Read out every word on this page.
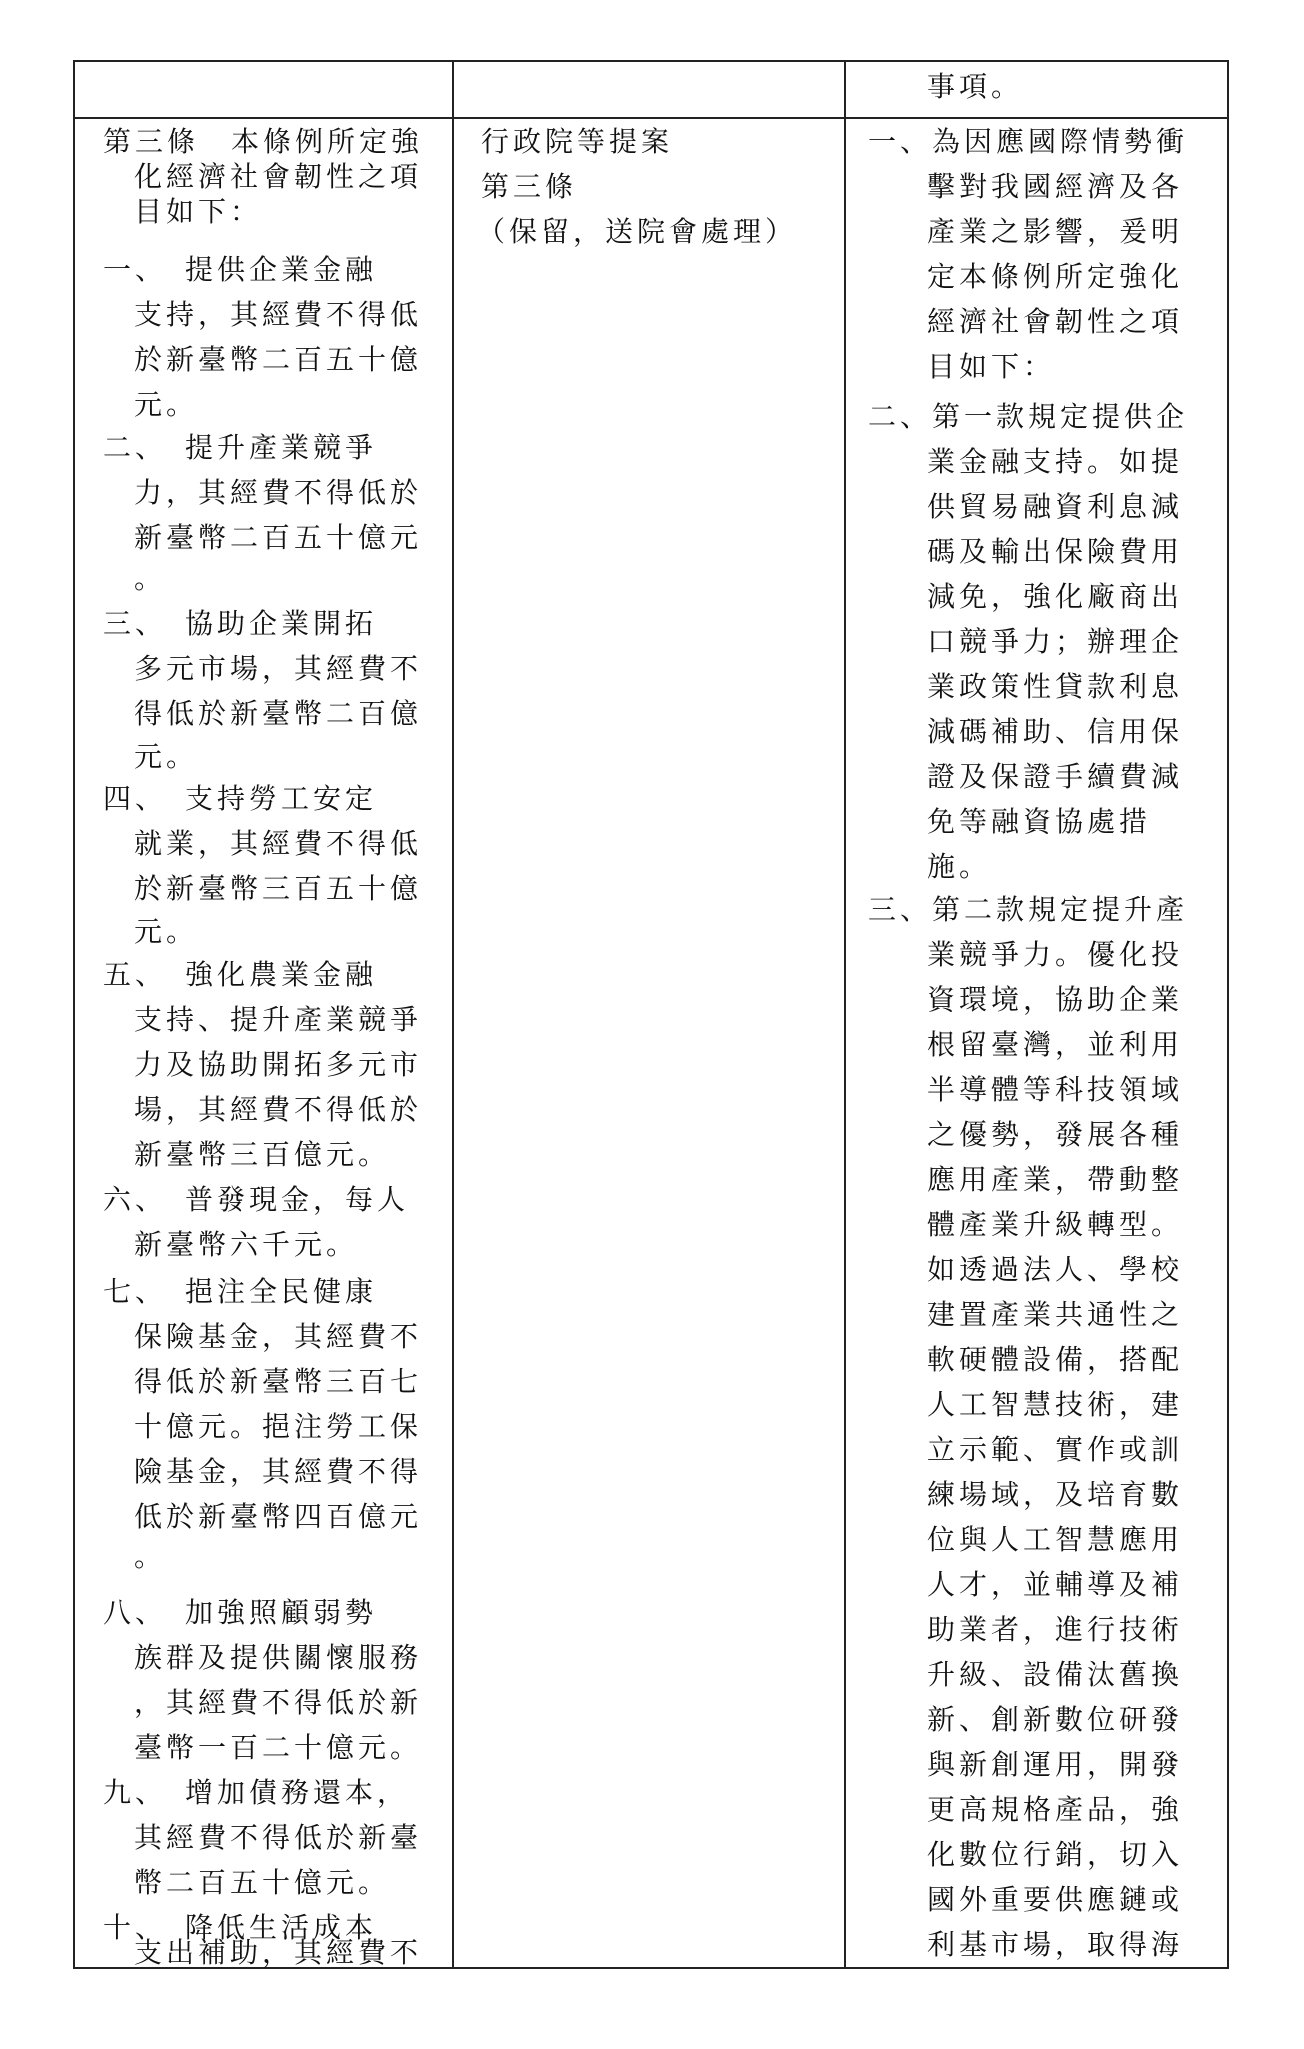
事項。
第三條　本條例所定強
化經濟社會韌性之項
目如下：
一、　提供企業金融
支持，其經費不得低
於新臺幣二百五十億
元。
二、　提升產業競爭
力，其經費不得低於
新臺幣二百五十億元
。
三、　協助企業開拓
多元市場，其經費不
得低於新臺幣二百億
元。
四、　支持勞工安定
就業，其經費不得低
於新臺幣三百五十億
元。
五、　強化農業金融
支持、提升產業競爭
力及協助開拓多元市
場，其經費不得低於
新臺幣三百億元。
六、　普發現金，每人
新臺幣六千元。
七、　挹注全民健康
保險基金，其經費不
得低於新臺幣三百七
十億元。挹注勞工保
險基金，其經費不得
低於新臺幣四百億元
。
八、　加強照顧弱勢
族群及提供關懷服務
，其經費不得低於新
臺幣一百二十億元。
九、　增加債務還本，
其經費不得低於新臺
幣二百五十億元。
十、　降低生活成本
支出補助，其經費不
行政院等提案
第三條
（保留，送院會處理）
一、為因應國際情勢衝
擊對我國經濟及各
產業之影響，爰明
定本條例所定強化
經濟社會韌性之項
目如下：
二、第一款規定提供企
業金融支持。如提
供貿易融資利息減
碼及輸出保險費用
減免，強化廠商出
口競爭力；辦理企
業政策性貸款利息
減碼補助、信用保
證及保證手續費減
免等融資協處措
施。
三、第二款規定提升產
業競爭力。優化投
資環境，協助企業
根留臺灣，並利用
半導體等科技領域
之優勢，發展各種
應用產業，帶動整
體產業升級轉型。
如透過法人、學校
建置產業共通性之
軟硬體設備，搭配
人工智慧技術，建
立示範、實作或訓
練場域，及培育數
位與人工智慧應用
人才，並輔導及補
助業者，進行技術
升級、設備汰舊換
新、創新數位研發
與新創運用，開發
更高規格產品，強
化數位行銷，切入
國外重要供應鏈或
利基市場，取得海
